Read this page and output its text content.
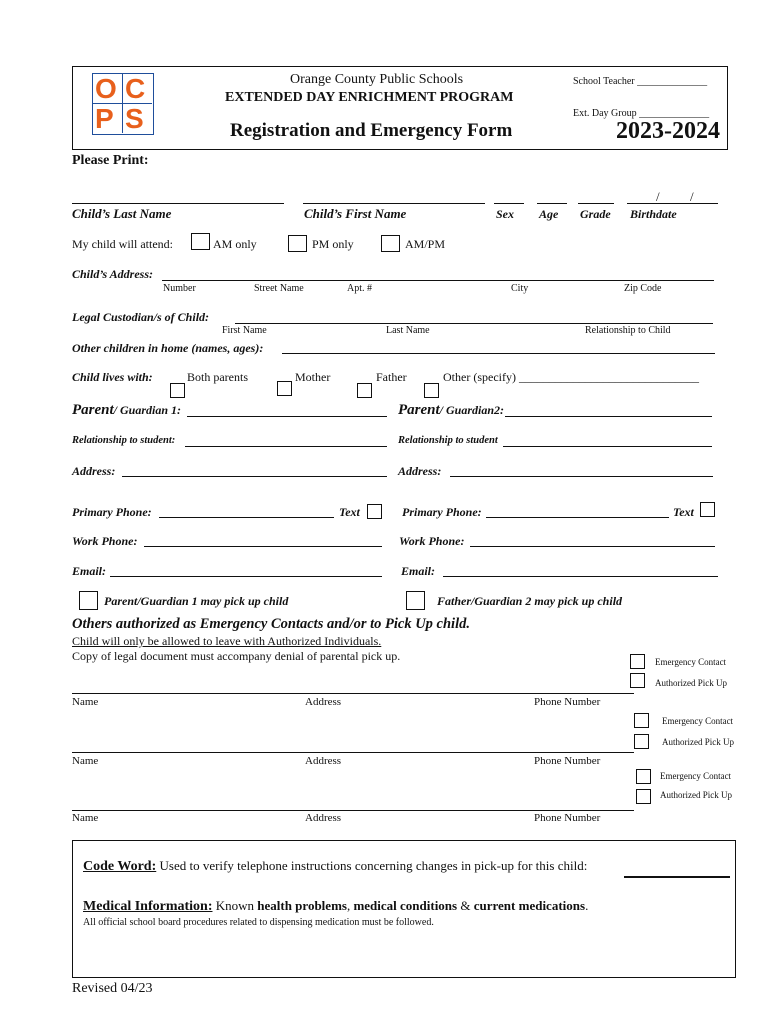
O C
P S
Orange County Public Schools
EXTENDED DAY ENRICHMENT PROGRAM
Registration and Emergency Form
School Teacher ______________
Ext. Day Group ______________
2023-2024
Please Print:
/ /
Child’s Last Name	Child’s First Name	Sex Age Grade Birthdate
My child will attend:	AM only	PM only	AM/PM
Child’s Address:
Number	Street Name	Apt. #	City	Zip Code
Legal Custodian/s of Child:
First Name	Last Name	Relationship to Child
Other children in home (names, ages):
Child lives with:	Both parents	Mother	Father	Other (specify) ______________________________
Parent/ Guardian 1:
Relationship to student:
Address:
Primary Phone:	Text
Work Phone:
Email:
Parent/Guardian 1 may pick up child
Parent/ Guardian2:
Relationship to student
Address:
Primary Phone:	Text
Work Phone:
Email:
Father/Guardian 2 may pick up child
Others authorized as Emergency Contacts and/or to Pick Up child.
Child will only be allowed to leave with Authorized Individuals.
Copy of legal document must accompany denial of parental pick up.	Emergency Contact
Authorized Pick Up
Name	Address	Phone Number
Emergency Contact
Authorized Pick Up
Name	Address	Phone Number
Emergency Contact
Authorized Pick Up
Name	Address	Phone Number
Code Word: Used to verify telephone instructions concerning changes in pick-up for this child:
Medical Information: Known health problems, medical conditions & current medications.
All official school board procedures related to dispensing medication must be followed.
Revised 04/23
